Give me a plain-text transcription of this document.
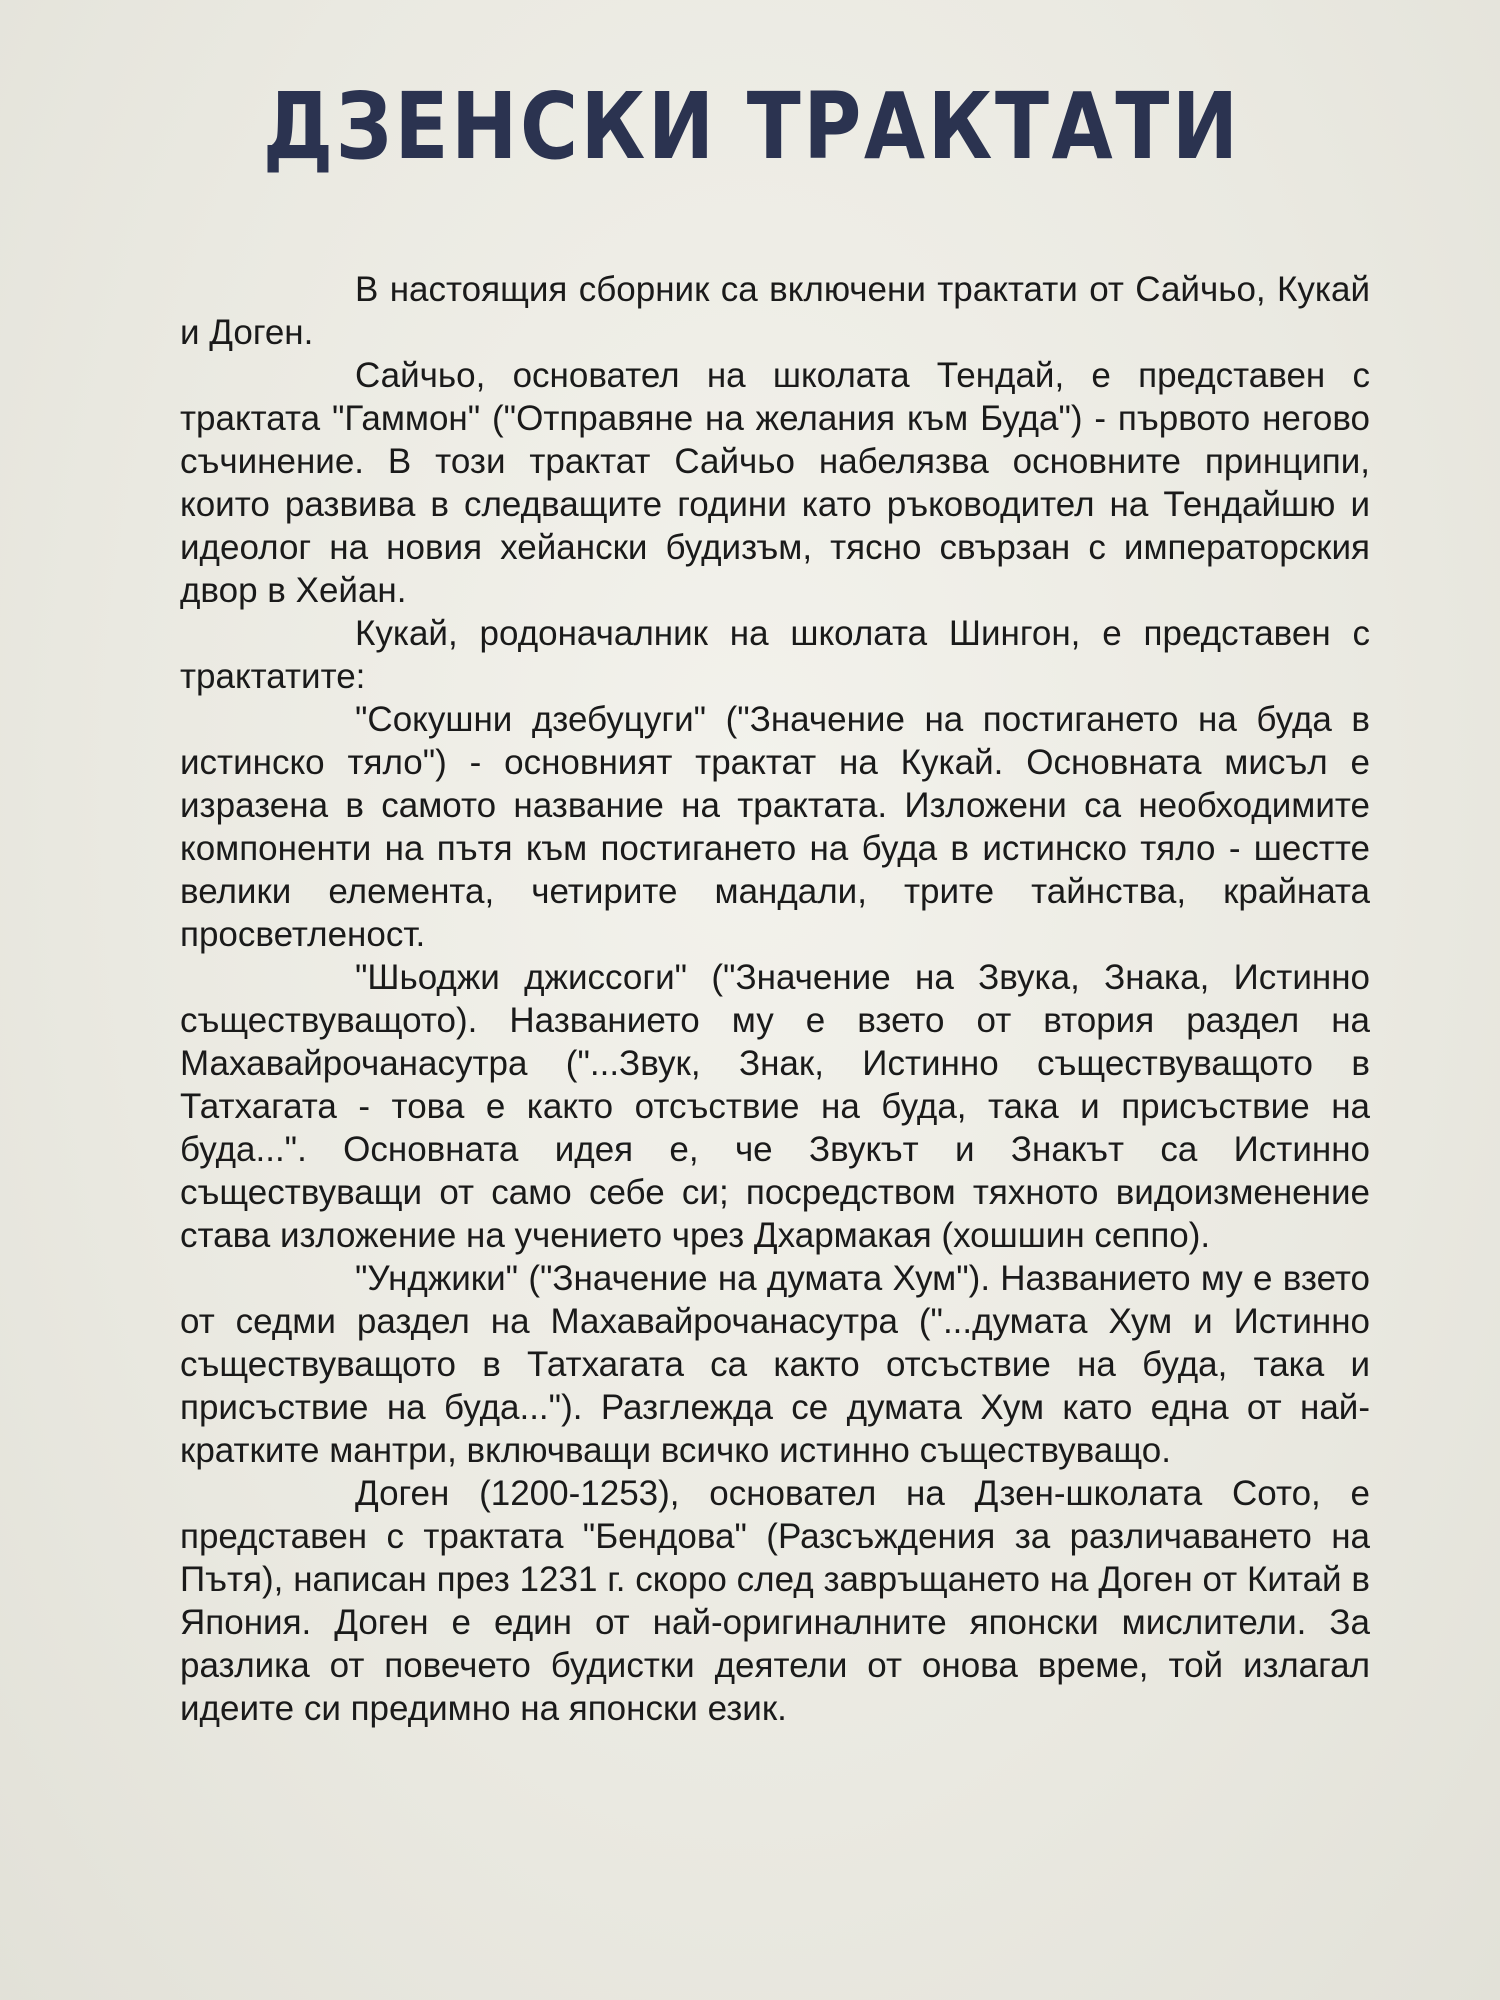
ДЗЕНСКИ ТРАКТАТИ

В настоящия сборник са включени трактати от Сайчьо, Кукай и Доген.

Сайчьо, основател на школата Тендай, е представен с трактата "Гаммон" ("Отправяне на желания към Буда") - първото негово съчинение. В този трактат Сайчьо набелязва основните принципи, които развива в следващите години като ръководител на Тендайшю и идеолог на новия хейански будизъм, тясно свързан с императорския двор в Хейан.

Кукай, родоначалник на школата Шингон, е представен с трактатите:

"Сокушни дзебуцуги" ("Значение на постигането на буда в истинско тяло") - основният трактат на Кукай. Основната мисъл е изразена в самото название на трактата. Изложени са необходимите компоненти на пътя към постигането на буда в истинско тяло - шестте велики елемента, четирите мандали, трите тайнства, крайната просветленост.

"Шьоджи джиссоги" ("Значение на Звука, Знака, Истинно съществуващото). Названието му е взето от втория раздел на Махавайрочанасутра ("...Звук, Знак, Истинно съществуващото в Татхагата - това е както отсъствие на буда, така и присъствие на буда...". Основната идея е, че Звукът и Знакът са Истинно съществуващи от само себе си; посредством тяхното видоизменение става изложение на учението чрез Дхармакая (хошшин сеппо).

"Унджики" ("Значение на думата Хум"). Названието му е взето от седми раздел на Махавайрочанасутра ("...думата Хум и Истинно съществуващото в Татхагата са както отсъствие на буда, така и присъствие на буда..."). Разглежда се думата Хум като една от най-кратките мантри, включващи всичко истинно съществуващо.

Доген (1200-1253), основател на Дзен-школата Сото, е представен с трактата "Бендова" (Разсъждения за различаването на Пътя), написан през 1231 г. скоро след завръщането на Доген от Китай в Япония. Доген е един от най-оригиналните японски мислители. За разлика от повечето будистки деятели от онова време, той излагал идеите си предимно на японски език.
